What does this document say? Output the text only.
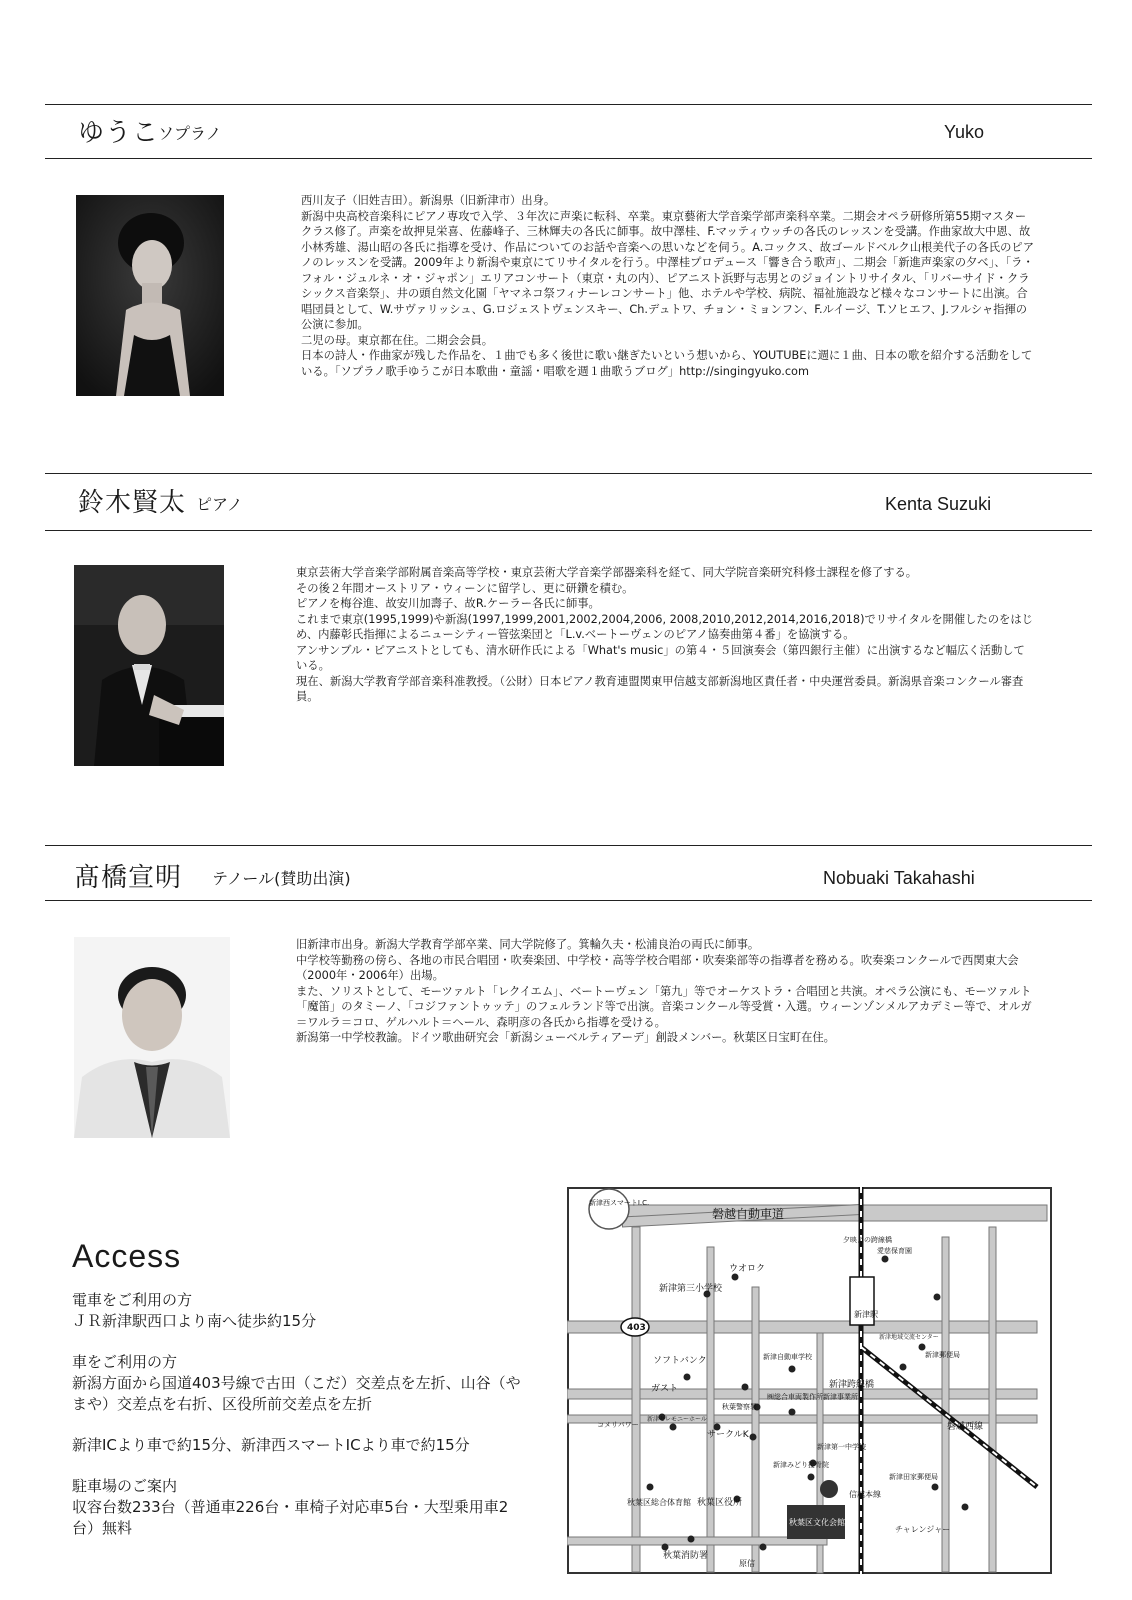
ゆうこ
ソプラノ	Yuko

西川友子（旧姓吉田）。新潟県（旧新津市）出身。

新潟中央高校音楽科にピアノ専攻で入学、３年次に声楽に転科、卒業。東京藝術大学音楽学部声楽科卒業。二期会オペラ研修所第55期マスタークラス修了。声楽を故押見栄喜、佐藤峰子、三林輝夫の各氏に師事。故中澤桂、F.マッティウッチの各氏のレッスンを受講。作曲家故大中恩、故小林秀雄、湯山昭の各氏に指導を受け、作品についてのお話や音楽への思いなどを伺う。A.コックス、故ゴールドベルク山根美代子の各氏のピアノのレッスンを受講。2009年より新潟や東京にてリサイタルを行う。中澤桂プロデュース「響き合う歌声」、二期会「新進声楽家の夕べ」、「ラ・フォル・ジュルネ・オ・ジャポン」エリアコンサート（東京・丸の内）、ピアニスト浜野与志男とのジョイントリサイタル、「リバーサイド・クラシックス音楽祭」、井の頭自然文化園「ヤマネコ祭フィナーレコンサート」他、ホテルや学校、病院、福祉施設など様々なコンサートに出演。合唱団員として、W.サヴァリッシュ、G.ロジェストヴェンスキー、Ch.デュトワ、チョン・ミョンフン、F.ルイージ、T.ソヒエフ、J.フルシャ指揮の公演に参加。

二児の母。東京都在住。二期会会員。

日本の詩人・作曲家が残した作品を、１曲でも多く後世に歌い継ぎたいという想いから、YOUTUBEに週に１曲、日本の歌を紹介する活動をしている。「ソプラノ歌手ゆうこが日本歌曲・童謡・唱歌を週１曲歌うブログ」http://singingyuko.com

鈴木賢太 ピアノ	Kenta Suzuki

東京芸術大学音楽学部附属音楽高等学校・東京芸術大学音楽学部器楽科を経て、同大学院音楽研究科修士課程を修了する。

その後２年間オーストリア・ウィーンに留学し、更に研鑽を積む。

ピアノを梅谷進、故安川加壽子、故R.ケーラー各氏に師事。

これまで東京(1995,1999)や新潟(1997,1999,2001,2002,2004,2006, 2008,2010,2012,2014,2016,2018)でリサイタルを開催したのをはじめ、内藤彰氏指揮によるニューシティー管弦楽団と「L.v.ベートーヴェンのピアノ協奏曲第４番」を協演する。

アンサンブル・ピアニストとしても、清水研作氏による「What's music」の第４・５回演奏会（第四銀行主催）に出演するなど幅広く活動している。

現在、新潟大学教育学部音楽科准教授。（公財）日本ピアノ教育連盟関東甲信越支部新潟地区責任者・中央運営委員。新潟県音楽コンクール審査員。

髙橋宣明 テノール(賛助出演)	Nobuaki Takahashi

旧新津市出身。新潟大学教育学部卒業、同大学院修了。箕輪久夫・松浦良治の両氏に師事。

中学校等勤務の傍ら、各地の市民合唱団・吹奏楽団、中学校・高等学校合唱部・吹奏楽部等の指導者を務める。吹奏楽コンクールで西関東大会（2000年・2006年）出場。

また、ソリストとして、モーツァルト「レクイエム」、ベートーヴェン「第九」等でオーケストラ・合唱団と共演。オペラ公演にも、モーツァルト「魔笛」のタミーノ、「コジファントゥッテ」のフェルランド等で出演。音楽コンクール等受賞・入選。ウィーンゾンメルアカデミー等で、オルガ＝ワルラ＝コロ、ゲルハルト＝ヘール、森明彦の各氏から指導を受ける。

新潟第一中学校教諭。ドイツ歌曲研究会「新潟シューベルティアーデ」創設メンバー。秋葉区日宝町在住。

Access

電車をご利用の方
ＪＲ新津駅西口より南へ徒歩約15分

車をご利用の方
新潟方面から国道403号線で古田（こだ）交差点を左折、山谷（やまや）交差点を右折、区役所前交差点を左折

新津ICより車で約15分、新津西スマートICより車で約15分

駐車場のご案内
収容台数233台（普通車226台・車椅子対応車5台・大型乗用車2台）無料

新津西スマートI.C.
磐越自動車道
403
夕映えの跨線橋
愛慈保育園
ウオロク
新津第三小学校
新津駅
新津地域交流センター
新津郵便局
ソフトバンク	新津自動車学校
新津跨線橋
磐越西線
ガスト
秋葉警察署
㈱総合車両製作所新津事業所
新津セレモニーホール
サークルK
コメリパワー
新津第一中学校
新津みどり接骨院
新津田家郵便局
秋葉区総合体育館 秋葉区役所
秋葉区文化会館
信越本線
チャレンジャー
秋葉消防署
原信
